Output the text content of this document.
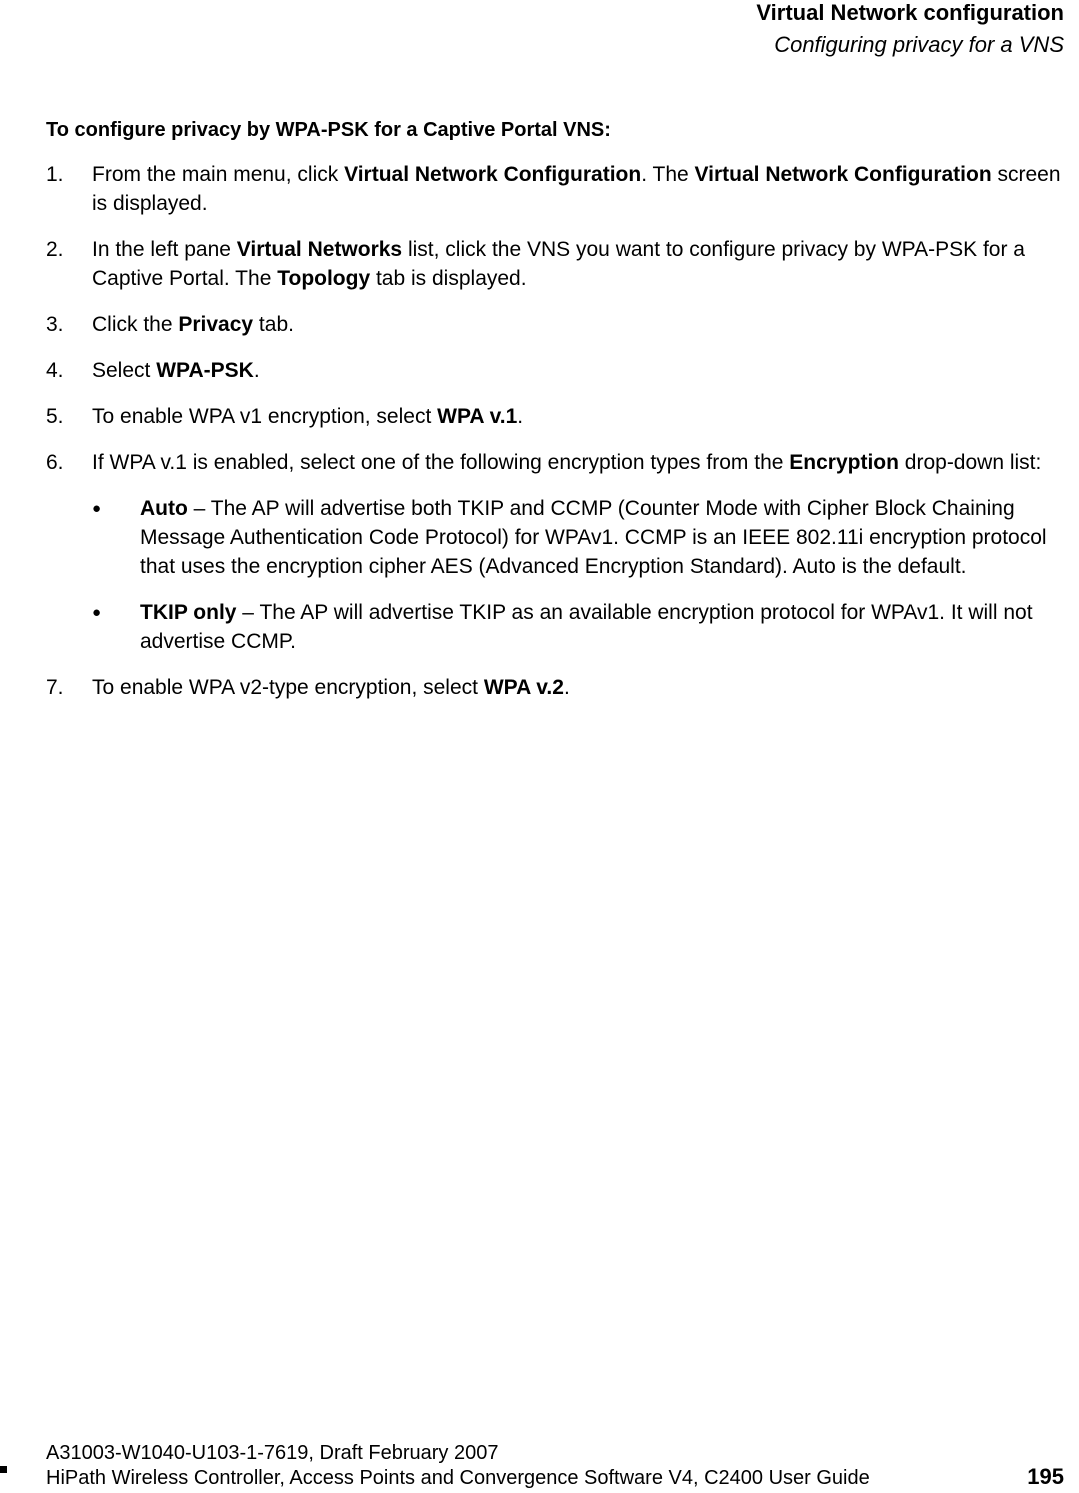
Virtual Network configuration
Configuring privacy for a VNS
To configure privacy by WPA-PSK for a Captive Portal VNS:
1. From the main menu, click Virtual Network Configuration. The Virtual Network Configuration screen is displayed.
2. In the left pane Virtual Networks list, click the VNS you want to configure privacy by WPA-PSK for a Captive Portal. The Topology tab is displayed.
3. Click the Privacy tab.
4. Select WPA-PSK.
5. To enable WPA v1 encryption, select WPA v.1.
6. If WPA v.1 is enabled, select one of the following encryption types from the Encryption drop-down list:
● Auto – The AP will advertise both TKIP and CCMP (Counter Mode with Cipher Block Chaining Message Authentication Code Protocol) for WPAv1. CCMP is an IEEE 802.11i encryption protocol that uses the encryption cipher AES (Advanced Encryption Standard). Auto is the default.
● TKIP only – The AP will advertise TKIP as an available encryption protocol for WPAv1. It will not advertise CCMP.
7. To enable WPA v2-type encryption, select WPA v.2.
A31003-W1040-U103-1-7619, Draft February 2007
HiPath Wireless Controller, Access Points and Convergence Software V4, C2400 User Guide	195
